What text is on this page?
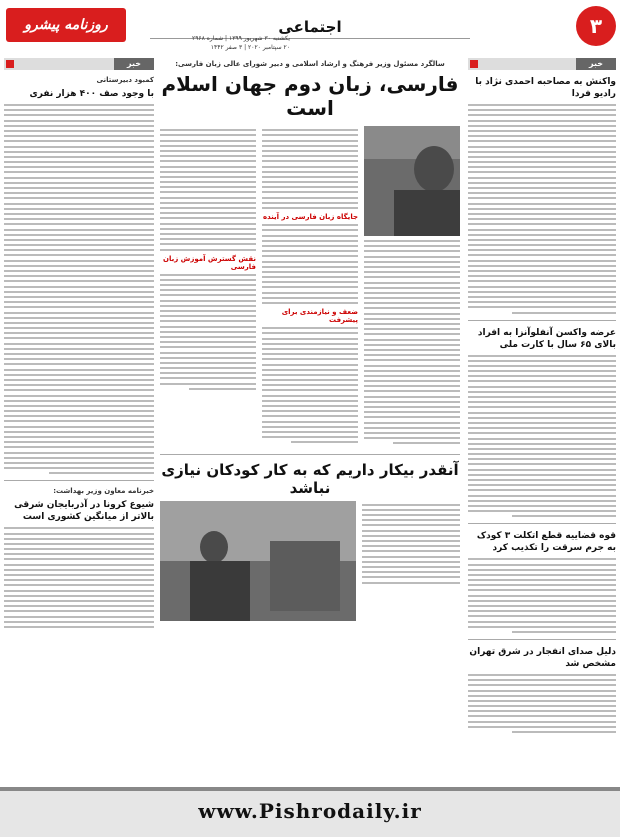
۳
اجتماعی
روزنامه پیشرو
یکشنبه ۳۰ شهریور ۱۳۹۹ | شماره ۲۹۶۸
۲۰ سپتامبر ۲۰۲۰ | ۳ صفر ۱۴۴۲
خبر
واکنش به مصاحبه احمدی نژاد با رادیو فردا
عرضه واکسن آنفلوآنزا به افراد بالای ۶۵ سال با کارت ملی
قوه قضاییه قطع اتکلت ۳ کودک به جرم سرقت را تکذیب کرد
دلیل صدای انفجار در شرق تهران مشخص شد
سالگرد مسئول وزیر فرهنگ و ارشاد اسلامی و دبیر شورای عالی زبان فارسی:
فارسی، زبان دوم جهان اسلام است
جایگاه زبان فارسی در آینده
ضعف و نیازمندی برای پیشرفت
نقش گسترش آموزش زبان فارسی
آنقدر بیکار داریم که به کار کودکان نیازی نباشد
خبر
کمبود دبیرستانی
با وجود صف ۴۰۰ هزار نفری
خبرنامه معاون وزیر بهداشت:
شیوع کرونا در آذربایجان شرقی بالاتر از میانگین کشوری است
www.Pishrodaily.ir
